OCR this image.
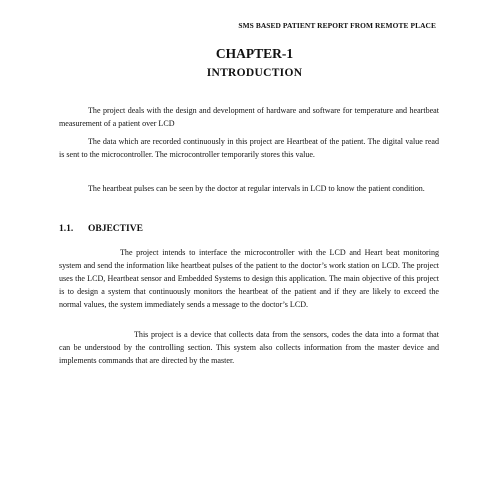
SMS BASED PATIENT REPORT FROM REMOTE PLACE
CHAPTER-1
INTRODUCTION

The project deals with the design and development of hardware and software for temperature and heartbeat measurement of a patient over LCD

The data which are recorded continuously in this project are Heartbeat of the patient. The digital value read is sent to the microcontroller. The microcontroller temporarily stores this value.

The heartbeat pulses can be seen by the doctor at regular intervals in LCD to know the patient condition.

1.1. OBJECTIVE

The project intends to interface the microcontroller with the LCD and Heart beat monitoring system and send the information like heartbeat pulses of the patient to the doctor’s work station on LCD. The project uses the LCD, Heartbeat sensor and Embedded Systems to design this application. The main objective of this project is to design a system that continuously monitors the heartbeat of the patient and if they are likely to exceed the normal values, the system immediately sends a message to the doctor’s LCD.

This project is a device that collects data from the sensors, codes the data into a format that can be understood by the controlling section. This system also collects information from the master device and implements commands that are directed by the master.
